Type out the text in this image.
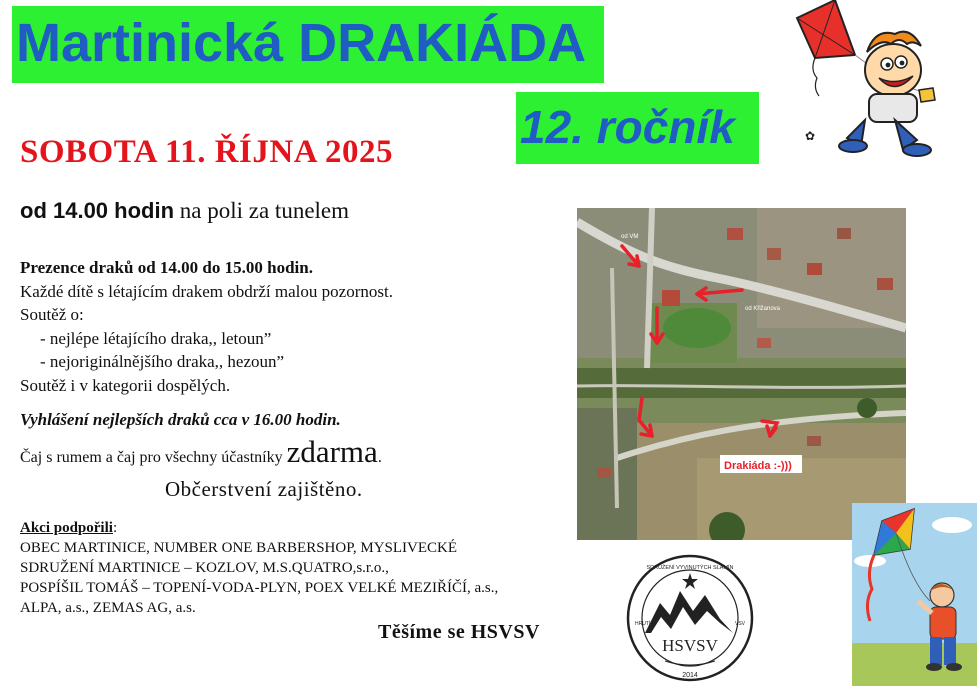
Martinická DRAKIÁDA
12. ročník
SOBOTA 11. ŘÍJNA 2025
od 14.00 hodin na poli za tunelem
Prezence draků od 14.00 do 15.00 hodin.
Každé dítě s létajícím drakem obdrží malou pozornost.
Soutěž o:
- nejlépe létajícího draka,, letoun”
- nejoriginálnějšího draka,, hezoun”
Soutěž i v kategorii dospělých.
Vyhlášení nejlepších draků cca v 16.00 hodin.
Čaj s rumem a čaj pro všechny účastníky zdarma.
Občerstvení zajištěno.
Akci podpořili:
OBEC MARTINICE, NUMBER ONE BARBERSHOP, MYSLIVECKÉ
SDRUŽENÍ MARTINICE – KOZLOV, M.S.QUATRO,s.r.o.,
POSPÍŠIL TOMÁŠ – TOPENÍ-VODA-PLYN, POEX VELKÉ MEZIŘÍČÍ, a.s.,
ALPA, a.s., ZEMAS AG, a.s.
Těšíme se HSVSV
od VM
od Křižanova
Drakiáda :-)))
SDRUŽENÍ VYVINUTÝCH SLAMÍN
HRUTÍ	VSV
HSVSV
2014
✿
